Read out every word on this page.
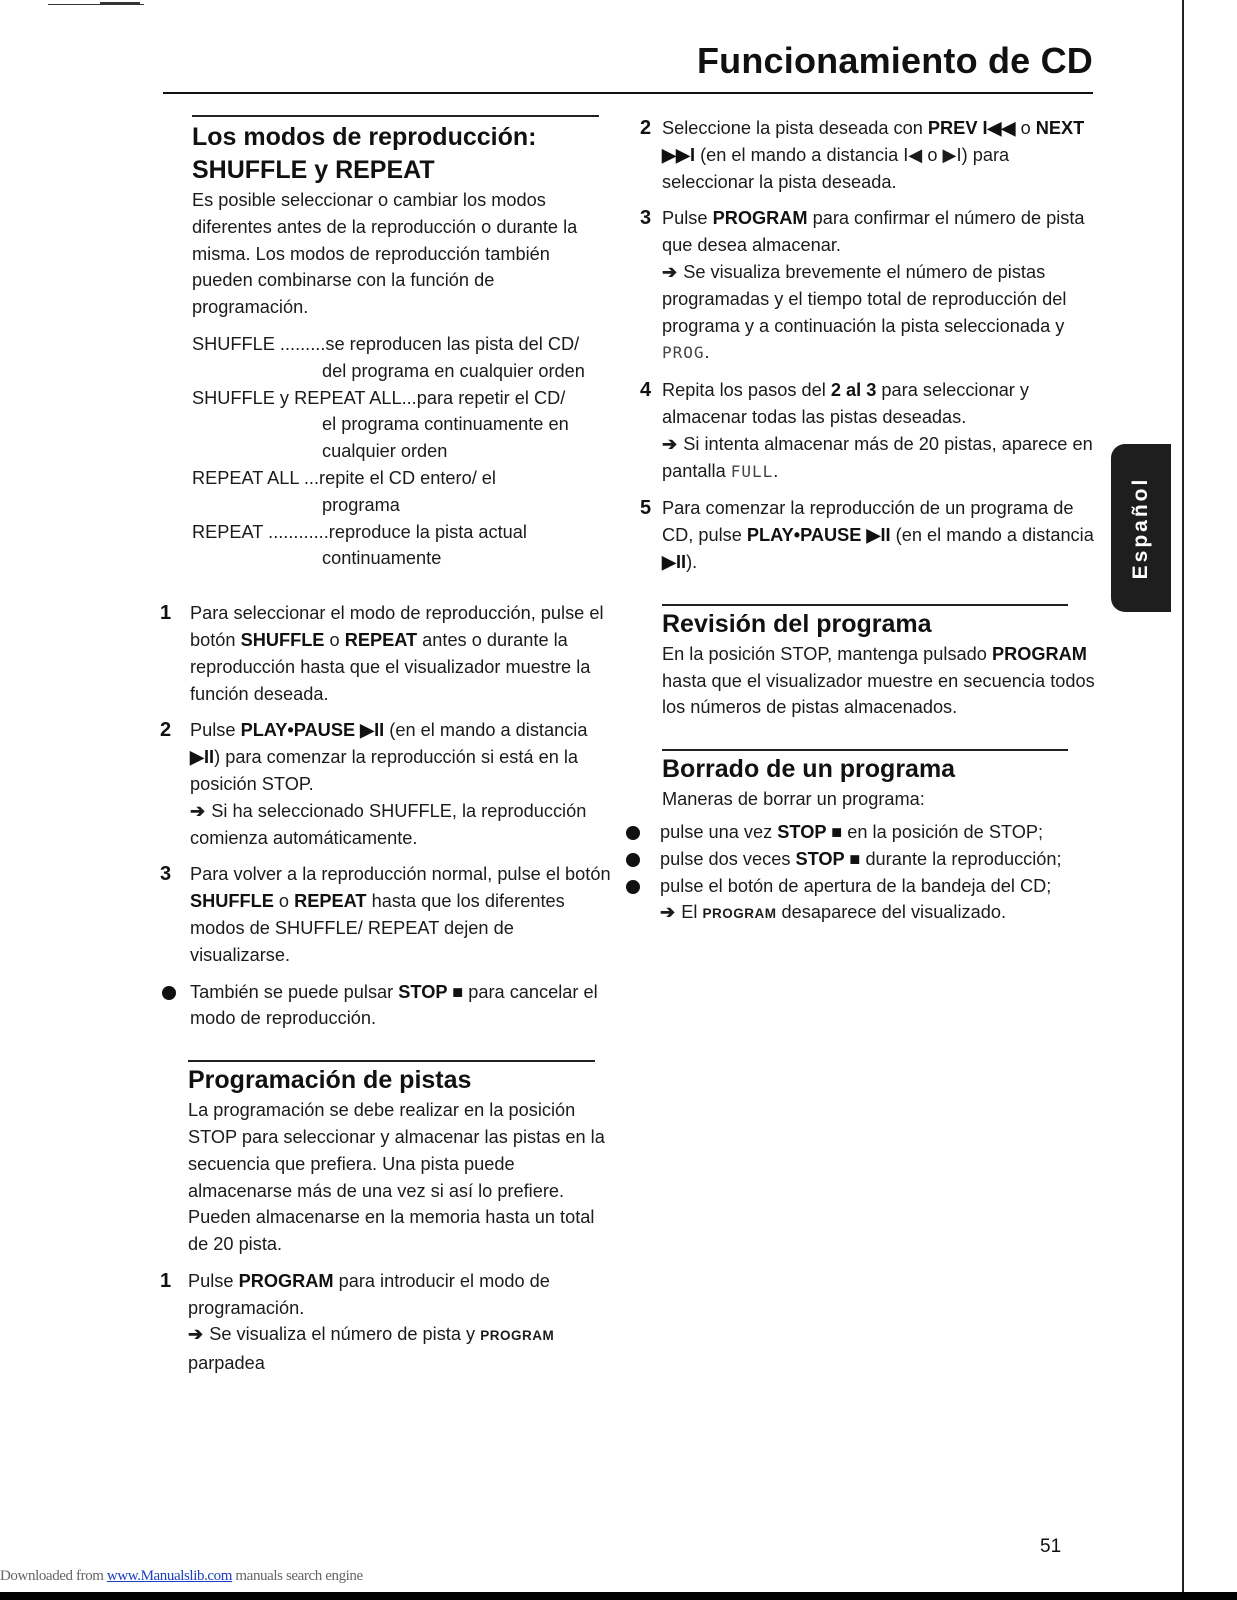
Funcionamiento de CD
Español
Los modos de reproducción:
SHUFFLE y REPEAT

Es posible seleccionar o cambiar los modos diferentes antes de la reproducción o durante la misma. Los modos de reproducción también pueden combinarse con la función de programación.

SHUFFLE .........se reproducen las pista del CD/
del programa en cualquier orden
SHUFFLE y REPEAT ALL...para repetir el CD/
el programa continuamente en cualquier orden
REPEAT ALL ...repite el CD entero/ el
programa
REPEAT ............reproduce la pista actual
continuamente
1 Para seleccionar el modo de reproducción, pulse el botón SHUFFLE o REPEAT antes o durante la reproducción hasta que el visualizador muestre la función deseada.

2 Pulse PLAY•PAUSE ▶II (en el mando a distancia ▶II) para comenzar la reproducción si está en la posición STOP.

➔ Si ha seleccionado SHUFFLE, la reproducción comienza automáticamente.

3 Para volver a la reproducción normal, pulse el botón SHUFFLE o REPEAT hasta que los diferentes modos de SHUFFLE/ REPEAT dejen de visualizarse.

También se puede pulsar STOP ■ para cancelar el modo de reproducción.

Programación de pistas

La programación se debe realizar en la posición STOP para seleccionar y almacenar las pistas en la secuencia que prefiera. Una pista puede almacenarse más de una vez si así lo prefiere. Pueden almacenarse en la memoria hasta un total de 20 pista.

1 Pulse PROGRAM para introducir el modo de programación.

➔ Se visualiza el número de pista y PROGRAM parpadea

2 Seleccione la pista deseada con PREV I◀◀ o NEXT ▶▶I (en el mando a distancia I◀ o ▶I) para seleccionar la pista deseada.

3 Pulse PROGRAM para confirmar el número de pista que desea almacenar.

➔ Se visualiza brevemente el número de pistas programadas y el tiempo total de reproducción del programa y a continuación la pista seleccionada y PROG.

4 Repita los pasos del 2 al 3 para seleccionar y almacenar todas las pistas deseadas.

➔ Si intenta almacenar más de 20 pistas, aparece en pantalla FULL.

5 Para comenzar la reproducción de un programa de CD, pulse PLAY•PAUSE ▶II (en el mando a distancia ▶II).

Revisión del programa

En la posición STOP, mantenga pulsado PROGRAM hasta que el visualizador muestre en secuencia todos los números de pistas almacenados.

Borrado de un programa

Maneras de borrar un programa:

pulse una vez STOP ■ en la posición de STOP;

pulse dos veces STOP ■ durante la reproducción;

pulse el botón de apertura de la bandeja del CD;

➔ El PROGRAM desaparece del visualizado.

51
Downloaded from www.Manualslib.com manuals search engine
